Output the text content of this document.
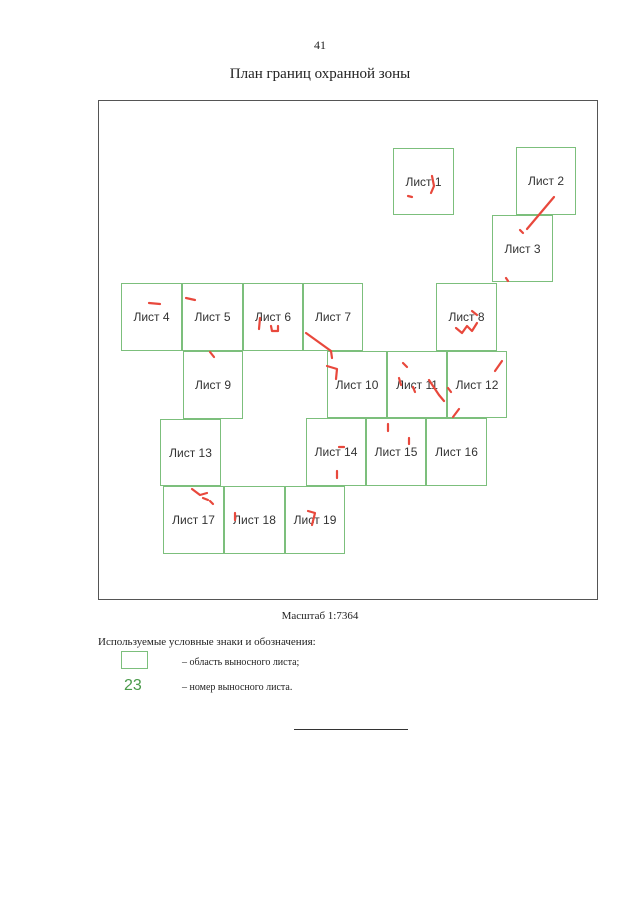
41
План границ охранной зоны
Лист 1	Лист 2
Лист 3
Лист 4 Лист 5 Лист 6 Лист 7	Лист 8
Лист 9	Лист 10 Лист 11 Лист 12
Лист 13	Лист 14 Лист 15 Лист 16
Лист 17 Лист 18 Лист 19
Масштаб 1:7364
Используемые условные знаки и обозначения:
– область выносного листа;
23	– номер выносного листа.
